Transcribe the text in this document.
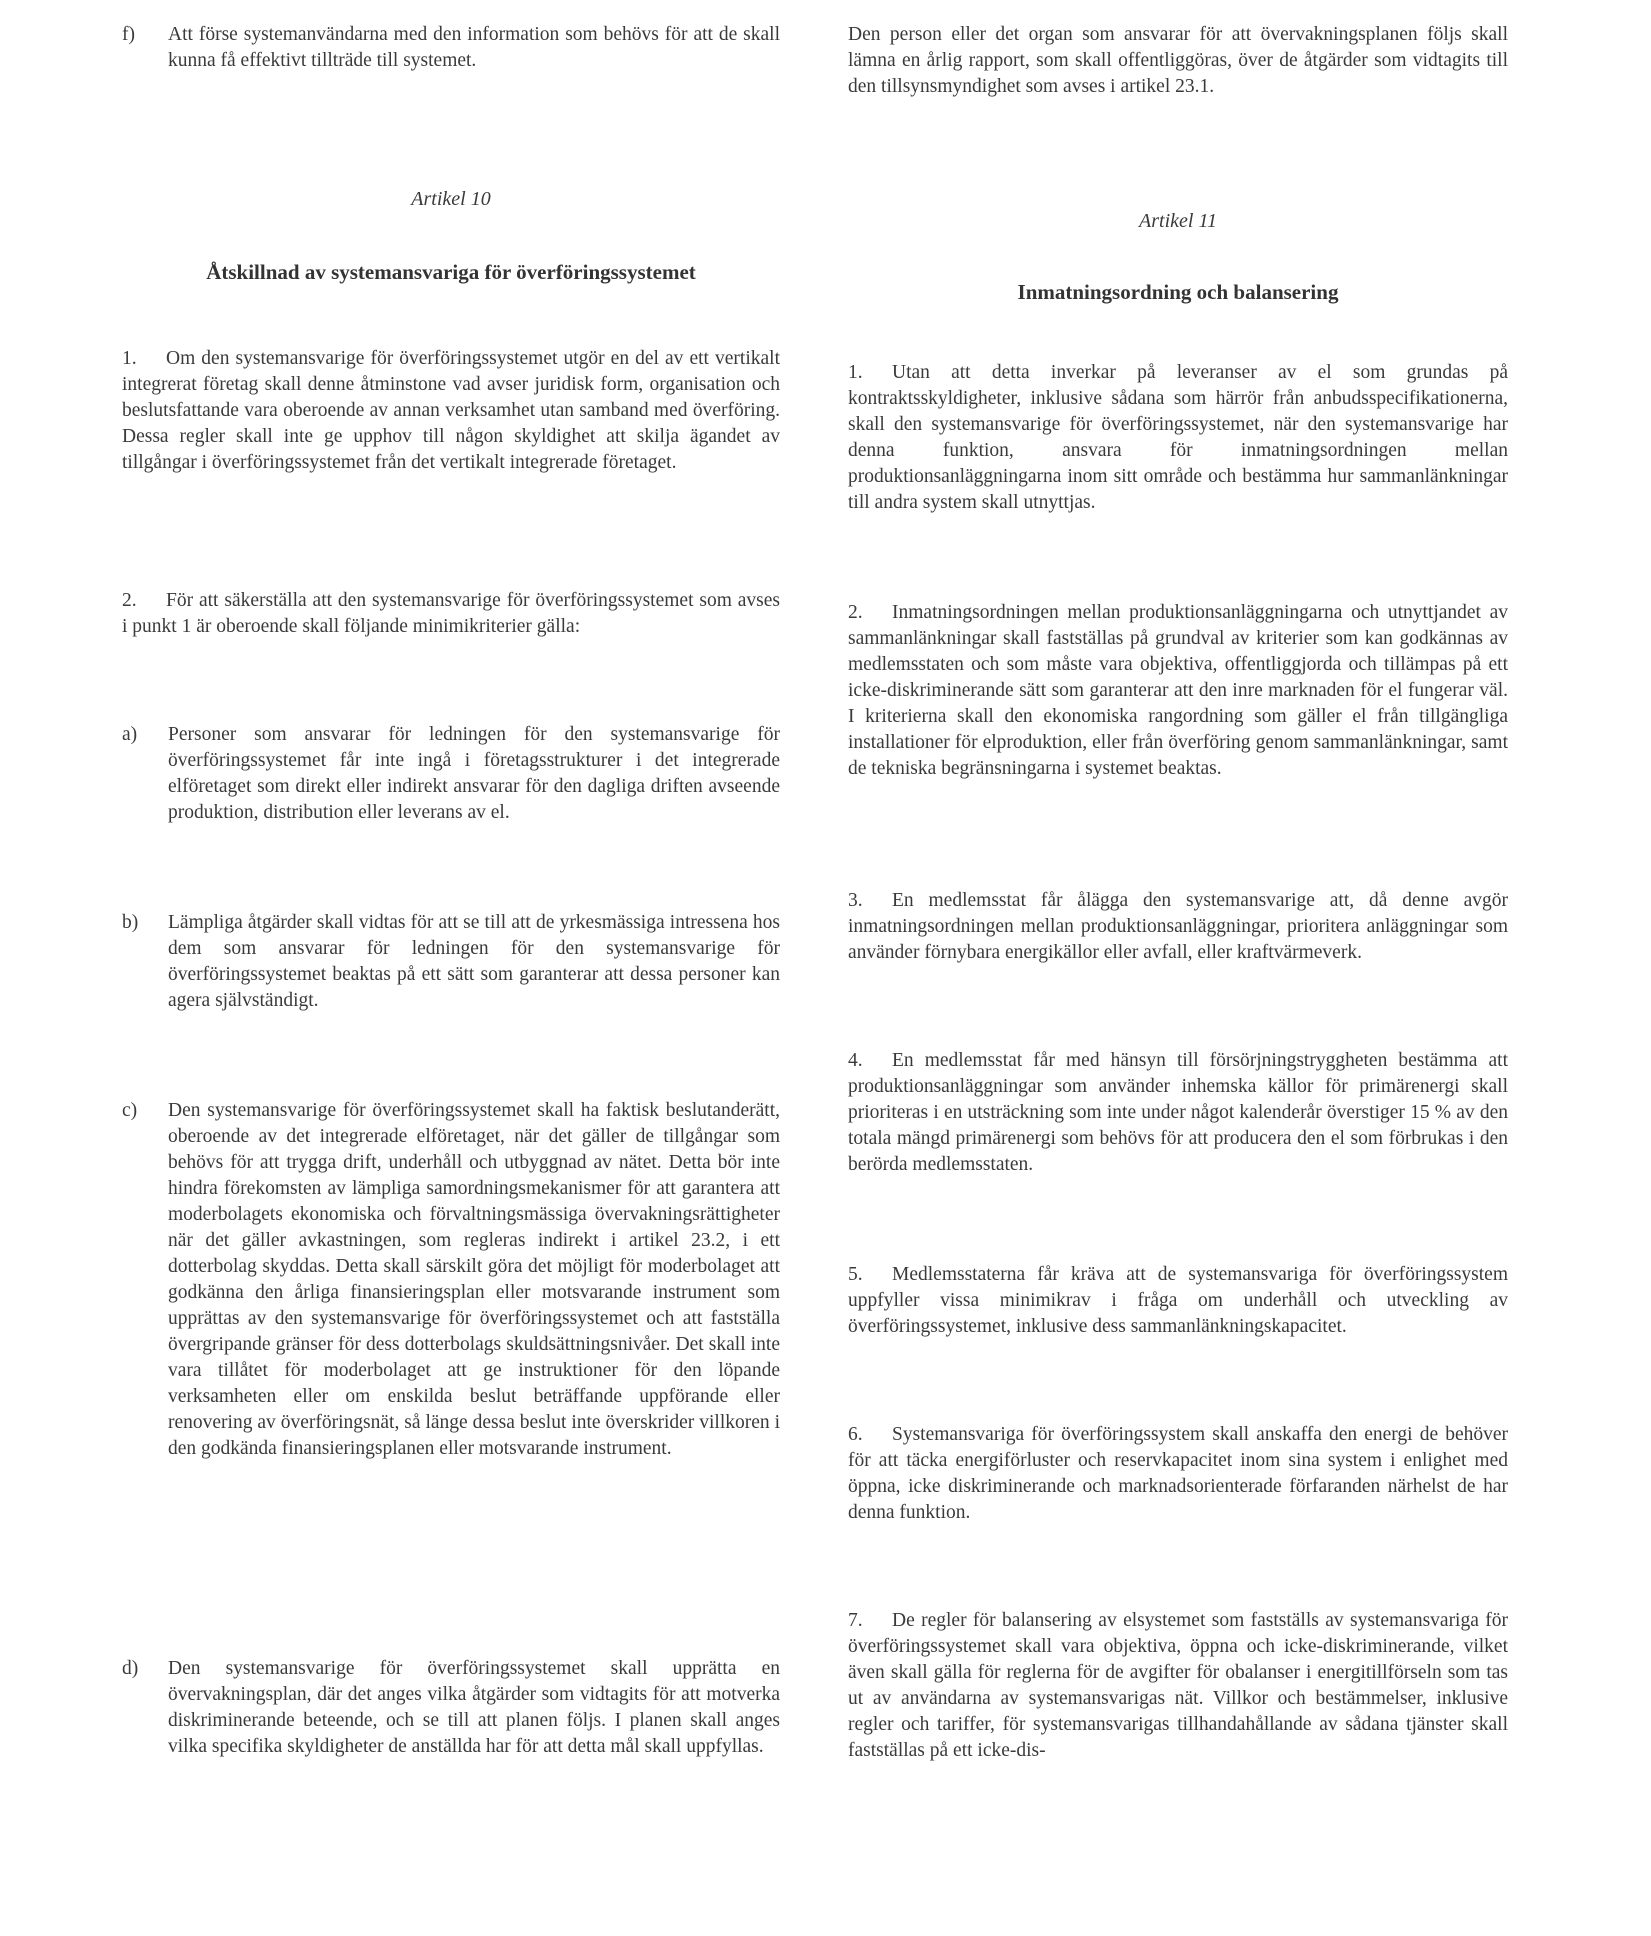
f)	Att förse systemanvändarna med den information som behövs för att de skall kunna få effektivt tillträde till systemet.

Artikel 10

Åtskillnad av systemansvariga för överföringssystemet

1. Om den systemansvarige för överföringssystemet utgör en del av ett vertikalt integrerat företag skall denne åtminstone vad avser juridisk form, organisation och beslutsfattande vara oberoende av annan verksamhet utan samband med överföring. Dessa regler skall inte ge upphov till någon skyldighet att skilja ägandet av tillgångar i överföringssystemet från det vertikalt integrerade företaget.

2. För att säkerställa att den systemansvarige för överföringssystemet som avses i punkt 1 är oberoende skall följande minimikriterier gälla:

a)	Personer som ansvarar för ledningen för den systemansvarige för överföringssystemet får inte ingå i företagsstrukturer i det integrerade elföretaget som direkt eller indirekt ansvarar för den dagliga driften avseende produktion, distribution eller leverans av el.
b)	Lämpliga åtgärder skall vidtas för att se till att de yrkesmässiga intressena hos dem som ansvarar för ledningen för den systemansvarige för överföringssystemet beaktas på ett sätt som garanterar att dessa personer kan agera självständigt.
c)	Den systemansvarige för överföringssystemet skall ha faktisk beslutanderätt, oberoende av det integrerade elföretaget, när det gäller de tillgångar som behövs för att trygga drift, underhåll och utbyggnad av nätet. Detta bör inte hindra förekomsten av lämpliga samordningsmekanismer för att garantera att moderbolagets ekonomiska och förvaltningsmässiga övervakningsrättigheter när det gäller avkastningen, som regleras indirekt i artikel 23.2, i ett dotterbolag skyddas. Detta skall särskilt göra det möjligt för moderbolaget att godkänna den årliga finansieringsplan eller motsvarande instrument som upprättas av den systemansvarige för överföringssystemet och att fastställa övergripande gränser för dess dotterbolags skuldsättningsnivåer. Det skall inte vara tillåtet för moderbolaget att ge instruktioner för den löpande verksamheten eller om enskilda beslut beträffande uppförande eller renovering av överföringsnät, så länge dessa beslut inte överskrider villkoren i den godkända finansieringsplanen eller motsvarande instrument.
d)	Den systemansvarige för överföringssystemet skall upprätta en övervakningsplan, där det anges vilka åtgärder som vidtagits för att motverka diskriminerande beteende, och se till att planen följs. I planen skall anges vilka specifika skyldigheter de anställda har för att detta mål skall uppfyllas.

Den person eller det organ som ansvarar för att övervakningsplanen följs skall lämna en årlig rapport, som skall offentliggöras, över de åtgärder som vidtagits till den tillsynsmyndighet som avses i artikel 23.1.

Artikel 11

Inmatningsordning och balansering

1. Utan att detta inverkar på leveranser av el som grundas på kontraktsskyldigheter, inklusive sådana som härrör från anbudsspecifikationerna, skall den systemansvarige för överföringssystemet, när den systemansvarige har denna funktion, ansvara för inmatningsordningen mellan produktionsanläggningarna inom sitt område och bestämma hur sammanlänkningar till andra system skall utnyttjas.

2. Inmatningsordningen mellan produktionsanläggningarna och utnyttjandet av sammanlänkningar skall fastställas på grundval av kriterier som kan godkännas av medlemsstaten och som måste vara objektiva, offentliggjorda och tillämpas på ett icke-diskriminerande sätt som garanterar att den inre marknaden för el fungerar väl. I kriterierna skall den ekonomiska rangordning som gäller el från tillgängliga installationer för elproduktion, eller från överföring genom sammanlänkningar, samt de tekniska begränsningarna i systemet beaktas.

3. En medlemsstat får ålägga den systemansvarige att, då denne avgör inmatningsordningen mellan produktionsanläggningar, prioritera anläggningar som använder förnybara energikällor eller avfall, eller kraftvärmeverk.

4. En medlemsstat får med hänsyn till försörjningstryggheten bestämma att produktionsanläggningar som använder inhemska källor för primärenergi skall prioriteras i en utsträckning som inte under något kalenderår överstiger 15 % av den totala mängd primärenergi som behövs för att producera den el som förbrukas i den berörda medlemsstaten.

5. Medlemsstaterna får kräva att de systemansvariga för överföringssystem uppfyller vissa minimikrav i fråga om underhåll och utveckling av överföringssystemet, inklusive dess sammanlänkningskapacitet.

6. Systemansvariga för överföringssystem skall anskaffa den energi de behöver för att täcka energiförluster och reservkapacitet inom sina system i enlighet med öppna, icke diskriminerande och marknadsorienterade förfaranden närhelst de har denna funktion.

7. De regler för balansering av elsystemet som fastställs av systemansvariga för överföringssystemet skall vara objektiva, öppna och icke-diskriminerande, vilket även skall gälla för reglerna för de avgifter för obalanser i energitillförseln som tas ut av användarna av systemansvarigas nät. Villkor och bestämmelser, inklusive regler och tariffer, för systemansvarigas tillhandahållande av sådana tjänster skall fastställas på ett icke-dis-
